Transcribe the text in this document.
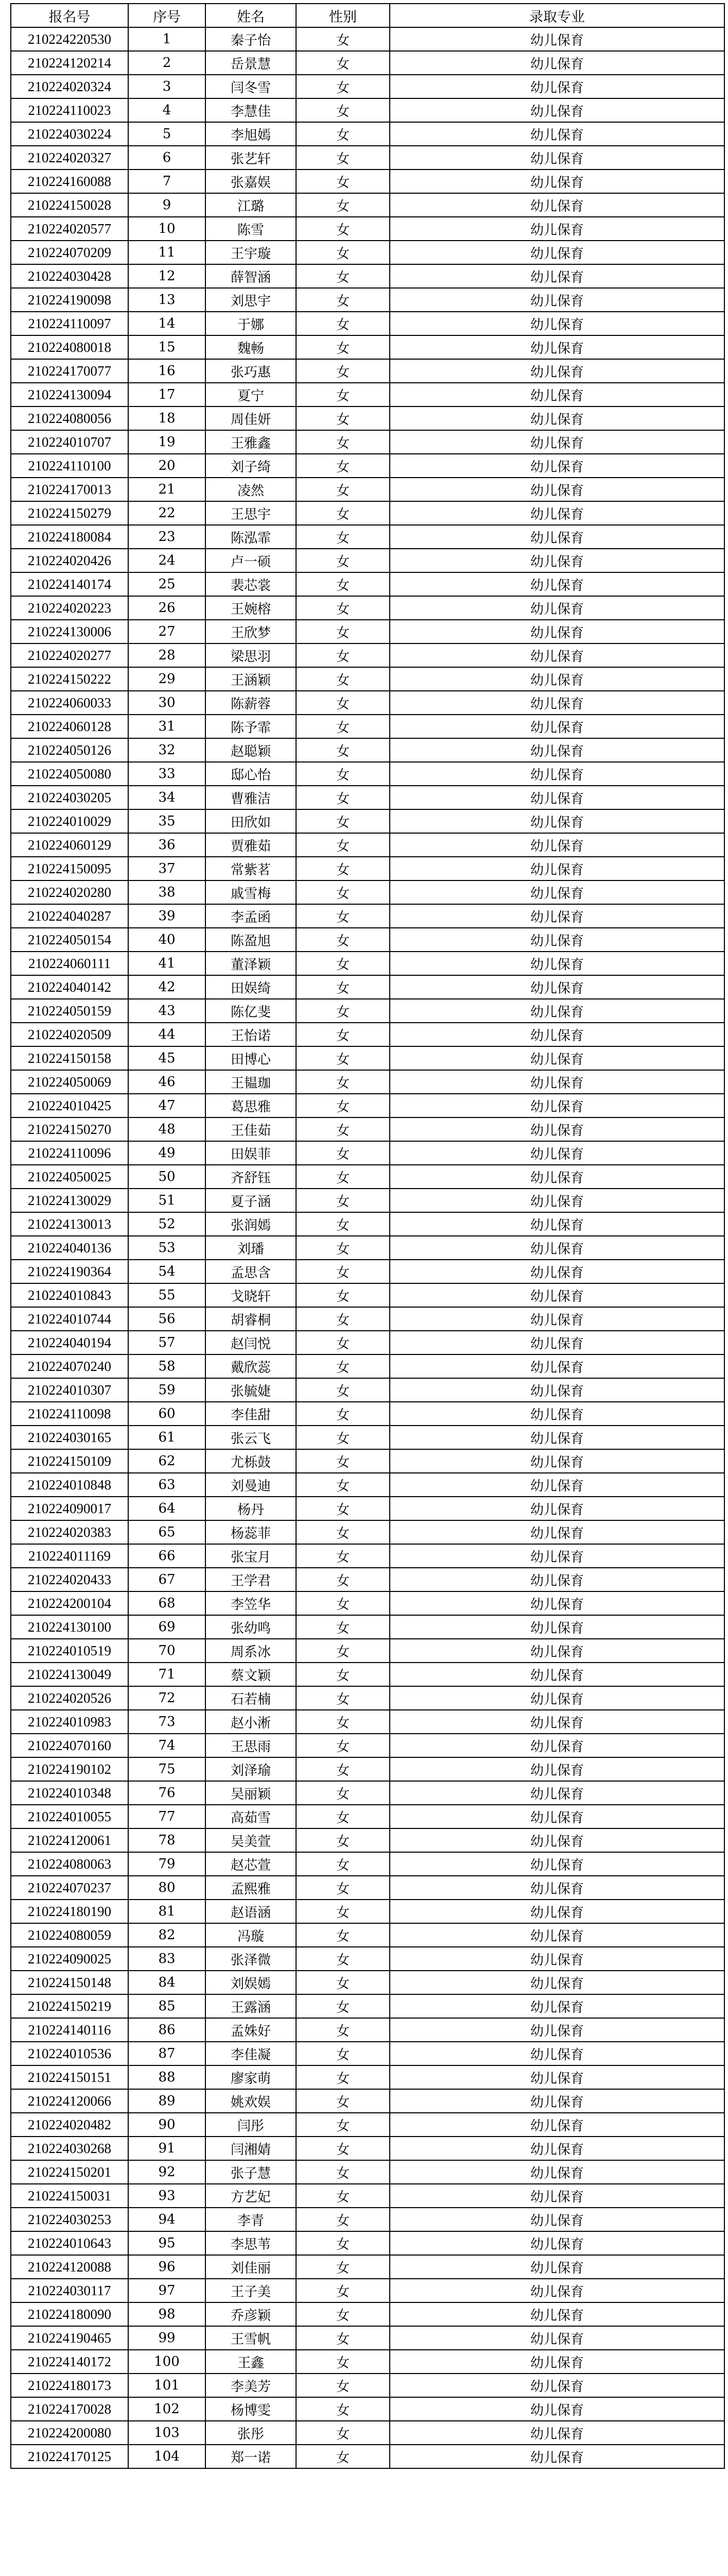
报名号	序号	姓名	性别	录取专业
210224220530	1	秦子怡	女	幼儿保育
210224120214	2	岳景慧	女	幼儿保育
210224020324	3	闫冬雪	女	幼儿保育
210224110023	4	李慧佳	女	幼儿保育
210224030224	5	李旭嫣	女	幼儿保育
210224020327	6	张艺轩	女	幼儿保育
210224160088	7	张嘉娱	女	幼儿保育
210224150028	9	江璐	女	幼儿保育
210224020577	10	陈雪	女	幼儿保育
210224070209	11	王宇璇	女	幼儿保育
210224030428	12	薛智涵	女	幼儿保育
210224190098	13	刘思宇	女	幼儿保育
210224110097	14	于娜	女	幼儿保育
210224080018	15	魏畅	女	幼儿保育
210224170077	16	张巧惠	女	幼儿保育
210224130094	17	夏宁	女	幼儿保育
210224080056	18	周佳妍	女	幼儿保育
210224010707	19	王雅鑫	女	幼儿保育
210224110100	20	刘子绮	女	幼儿保育
210224170013	21	凌然	女	幼儿保育
210224150279	22	王思宇	女	幼儿保育
210224180084	23	陈泓霏	女	幼儿保育
210224020426	24	卢一硕	女	幼儿保育
210224140174	25	裴芯裳	女	幼儿保育
210224020223	26	王婉榕	女	幼儿保育
210224130006	27	王欣梦	女	幼儿保育
210224020277	28	梁思羽	女	幼儿保育
210224150222	29	王涵颖	女	幼儿保育
210224060033	30	陈薪蓉	女	幼儿保育
210224060128	31	陈予霏	女	幼儿保育
210224050126	32	赵聪颖	女	幼儿保育
210224050080	33	邸心怡	女	幼儿保育
210224030205	34	曹雅洁	女	幼儿保育
210224010029	35	田欣如	女	幼儿保育
210224060129	36	贾雅茹	女	幼儿保育
210224150095	37	常紫茗	女	幼儿保育
210224020280	38	戚雪梅	女	幼儿保育
210224040287	39	李孟函	女	幼儿保育
210224050154	40	陈盈旭	女	幼儿保育
210224060111	41	董泽颖	女	幼儿保育
210224040142	42	田娱绮	女	幼儿保育
210224050159	43	陈亿斐	女	幼儿保育
210224020509	44	王怡诺	女	幼儿保育
210224150158	45	田博心	女	幼儿保育
210224050069	46	王韫珈	女	幼儿保育
210224010425	47	葛思雅	女	幼儿保育
210224150270	48	王佳茹	女	幼儿保育
210224110096	49	田娱菲	女	幼儿保育
210224050025	50	齐舒钰	女	幼儿保育
210224130029	51	夏子涵	女	幼儿保育
210224130013	52	张润嫣	女	幼儿保育
210224040136	53	刘璠	女	幼儿保育
210224190364	54	孟思含	女	幼儿保育
210224010843	55	戈晓轩	女	幼儿保育
210224010744	56	胡睿桐	女	幼儿保育
210224040194	57	赵闫悦	女	幼儿保育
210224070240	58	戴欣蕊	女	幼儿保育
210224010307	59	张毓婕	女	幼儿保育
210224110098	60	李佳甜	女	幼儿保育
210224030165	61	张云飞	女	幼儿保育
210224150109	62	尤栎鼓	女	幼儿保育
210224010848	63	刘曼迪	女	幼儿保育
210224090017	64	杨丹	女	幼儿保育
210224020383	65	杨蕊菲	女	幼儿保育
210224011169	66	张宝月	女	幼儿保育
210224020433	67	王学君	女	幼儿保育
210224200104	68	李笠华	女	幼儿保育
210224130100	69	张幼鸣	女	幼儿保育
210224010519	70	周系冰	女	幼儿保育
210224130049	71	蔡文颖	女	幼儿保育
210224020526	72	石若楠	女	幼儿保育
210224010983	73	赵小淅	女	幼儿保育
210224070160	74	王思雨	女	幼儿保育
210224190102	75	刘泽瑜	女	幼儿保育
210224010348	76	吴丽颖	女	幼儿保育
210224010055	77	高茹雪	女	幼儿保育
210224120061	78	吴美萱	女	幼儿保育
210224080063	79	赵芯萱	女	幼儿保育
210224070237	80	孟熙雅	女	幼儿保育
210224180190	81	赵语涵	女	幼儿保育
210224080059	82	冯璇	女	幼儿保育
210224090025	83	张泽微	女	幼儿保育
210224150148	84	刘娱嫣	女	幼儿保育
210224150219	85	王露涵	女	幼儿保育
210224140116	86	孟姝好	女	幼儿保育
210224010536	87	李佳凝	女	幼儿保育
210224150151	88	廖家萌	女	幼儿保育
210224120066	89	姚欢娱	女	幼儿保育
210224020482	90	闫彤	女	幼儿保育
210224030268	91	闫湘婧	女	幼儿保育
210224150201	92	张子慧	女	幼儿保育
210224150031	93	方艺妃	女	幼儿保育
210224030253	94	李青	女	幼儿保育
210224010643	95	李思苇	女	幼儿保育
210224120088	96	刘佳丽	女	幼儿保育
210224030117	97	王子美	女	幼儿保育
210224180090	98	乔彦颖	女	幼儿保育
210224190465	99	王雪帆	女	幼儿保育
210224140172	100	王鑫	女	幼儿保育
210224180173	101	李美芳	女	幼儿保育
210224170028	102	杨博雯	女	幼儿保育
210224200080	103	张彤	女	幼儿保育
210224170125	104	郑一诺	女	幼儿保育
